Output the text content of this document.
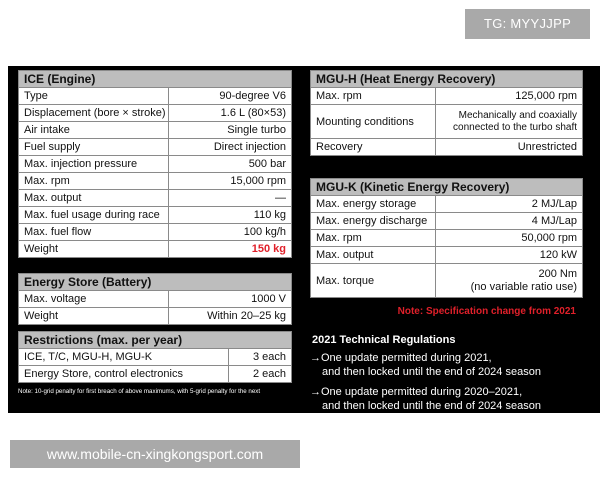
TG: MYYJJPP
ICE (Engine)	
Type	90-degree V6
Displacement (bore × stroke)	1.6 L (80×53)
Air intake	Single turbo
Fuel supply	Direct injection
Max. injection pressure	500 bar
Max. rpm	15,000 rpm
Max. output	—
Max. fuel usage during race	110 kg
Max. fuel flow	100 kg/h
Weight	150 kg
Energy Store (Battery)	
Max. voltage	1000 V
Weight	Within 20–25 kg
Restrictions (max. per year)	
ICE, T/C, MGU-H, MGU-K	3 each
Energy Store, control electronics	2 each
Note: 10-grid penalty for first breach of above maximums, with 5-grid penalty for the next
MGU-H (Heat Energy Recovery)	
Max. rpm	125,000 rpm
Mounting conditions	Mechanically and coaxially connected to the turbo shaft
Recovery	Unrestricted
MGU-K (Kinetic Energy Recovery)	
Max. energy storage	2 MJ/Lap
Max. energy discharge	4 MJ/Lap
Max. rpm	50,000 rpm
Max. output	120 kW
Max. torque	200 Nm
(no variable ratio use)
Note: Specification change from 2021
2021 Technical Regulations
→One update permitted during 2021,
and then locked until the end of 2024 season
→One update permitted during 2020–2021,
and then locked until the end of 2024 season
www.mobile-cn-xingkongsport.com
